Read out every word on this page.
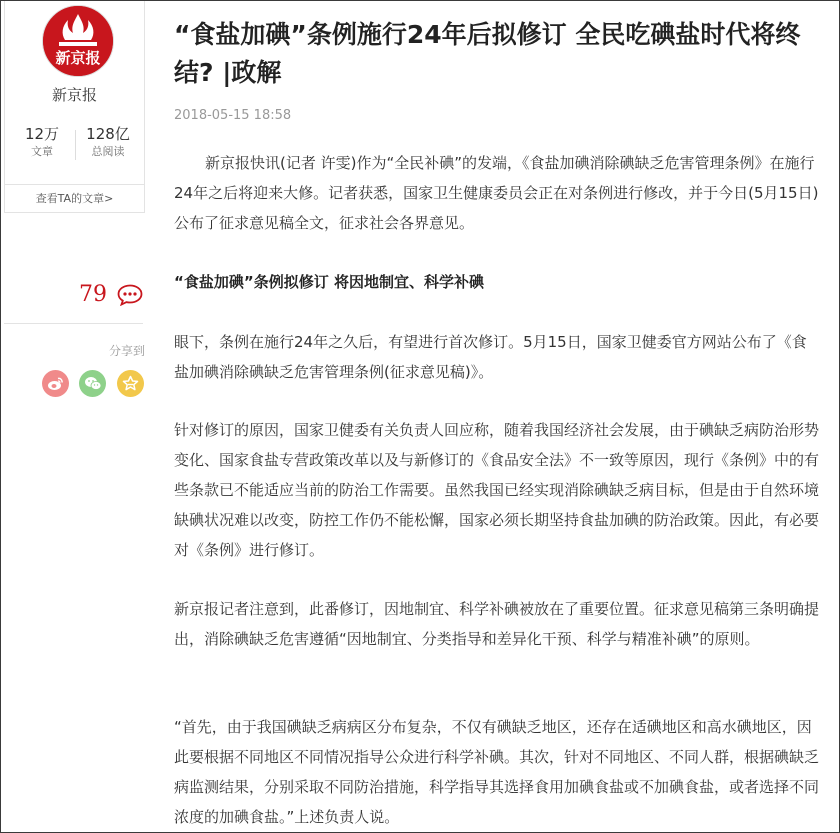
新京报
新京报
12万
文章
128亿
总阅读
查看TA的文章>
79
分享到
“食盐加碘”条例施行24年后拟修订 全民吃碘盐时代将终结? |政解
2018-05-15 18:58

新京报快讯(记者 许雯)作为“全民补碘”的发端，《食盐加碘消除碘缺乏危害管理条例》在施行24年之后将迎来大修。记者获悉，国家卫生健康委员会正在对条例进行修改，并于今日(5月15日)公布了征求意见稿全文，征求社会各界意见。

“食盐加碘”条例拟修订 将因地制宜、科学补碘

眼下，条例在施行24年之久后，有望进行首次修订。5月15日，国家卫健委官方网站公布了《食盐加碘消除碘缺乏危害管理条例(征求意见稿)》。

针对修订的原因，国家卫健委有关负责人回应称，随着我国经济社会发展，由于碘缺乏病防治形势变化、国家食盐专营政策改革以及与新修订的《食品安全法》不一致等原因，现行《条例》中的有些条款已不能适应当前的防治工作需要。虽然我国已经实现消除碘缺乏病目标，但是由于自然环境缺碘状况难以改变，防控工作仍不能松懈，国家必须长期坚持食盐加碘的防治政策。因此，有必要对《条例》进行修订。

新京报记者注意到，此番修订，因地制宜、科学补碘被放在了重要位置。征求意见稿第三条明确提出，消除碘缺乏危害遵循“因地制宜、分类指导和差异化干预、科学与精准补碘”的原则。

“首先，由于我国碘缺乏病病区分布复杂，不仅有碘缺乏地区，还存在适碘地区和高水碘地区，因此要根据不同地区不同情况指导公众进行科学补碘。其次，针对不同地区、不同人群，根据碘缺乏病监测结果，分别采取不同防治措施，科学指导其选择食用加碘食盐或不加碘食盐，或者选择不同浓度的加碘食盐。”上述负责人说。
